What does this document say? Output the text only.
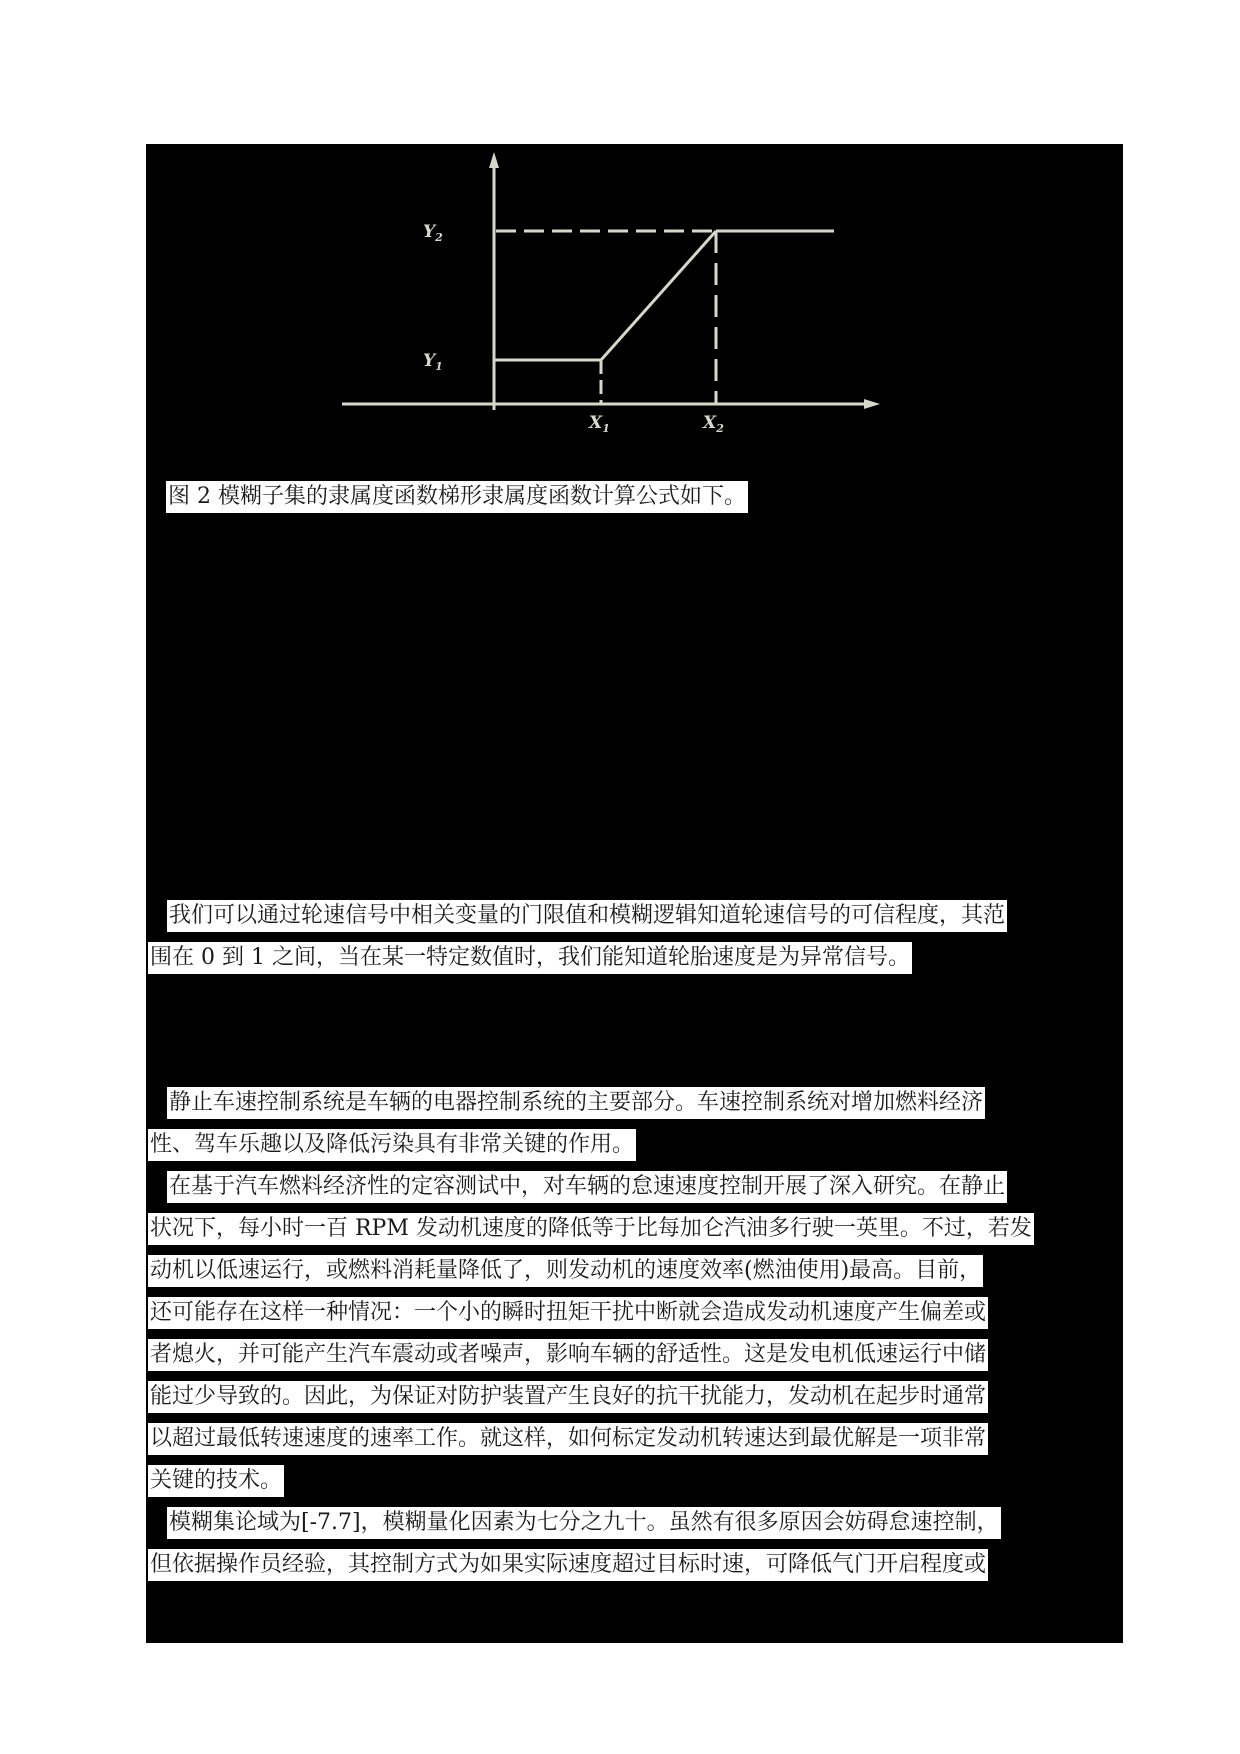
$Y_2$
$Y_1$
$X_1$	$X_2$
图 2 模糊子集的隶属度函数梯形隶属度函数计算公式如下。
我们可以通过轮速信号中相关变量的门限值和模糊逻辑知道轮速信号的可信程度，其范
围在 0 到 1 之间，当在某一特定数值时，我们能知道轮胎速度是为异常信号。
静止车速控制系统是车辆的电器控制系统的主要部分。车速控制系统对增加燃料经济
性、驾车乐趣以及降低污染具有非常关键的作用。
在基于汽车燃料经济性的定容测试中，对车辆的怠速速度控制开展了深入研究。在静止
状况下，每小时一百 RPM 发动机速度的降低等于比每加仑汽油多行驶一英里。不过，若发
动机以低速运行，或燃料消耗量降低了，则发动机的速度效率(燃油使用)最高。目前，
还可能存在这样一种情况：一个小的瞬时扭矩干扰中断就会造成发动机速度产生偏差或
者熄火，并可能产生汽车震动或者噪声，影响车辆的舒适性。这是发电机低速运行中储
能过少导致的。因此，为保证对防护装置产生良好的抗干扰能力，发动机在起步时通常
以超过最低转速速度的速率工作。就这样，如何标定发动机转速达到最优解是一项非常
关键的技术。
模糊集论域为[-7.7]，模糊量化因素为七分之九十。虽然有很多原因会妨碍怠速控制，
但依据操作员经验，其控制方式为如果实际速度超过目标时速，可降低气门开启程度或
